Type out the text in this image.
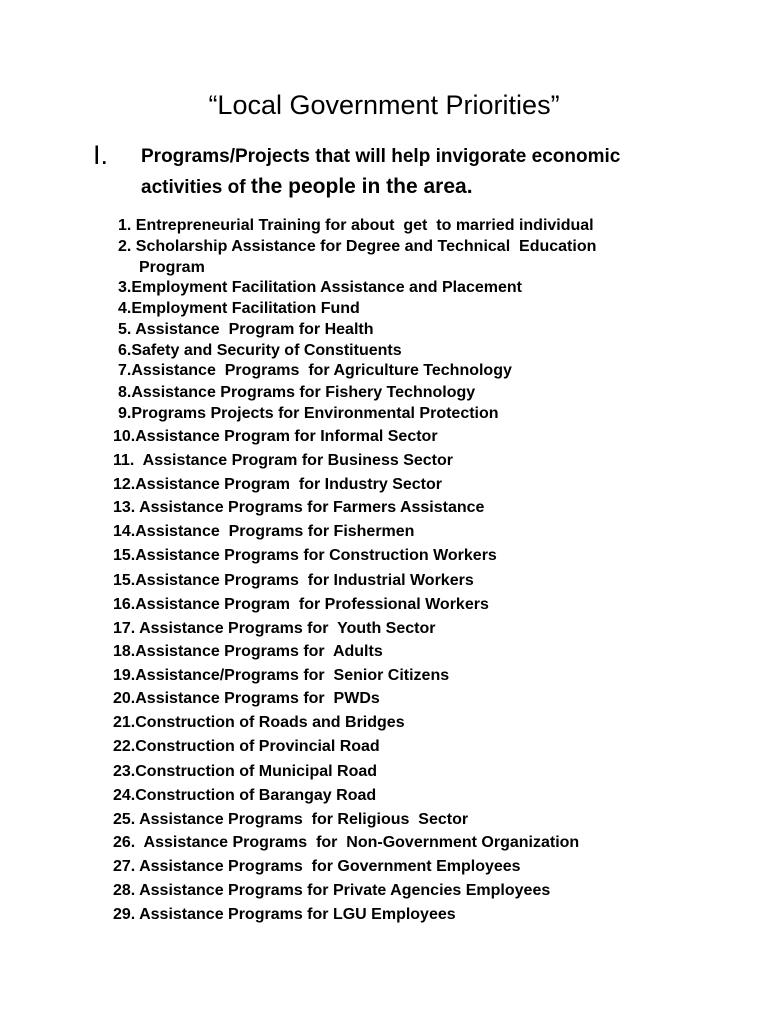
“Local Government Priorities”
I. Programs/Projects that will help invigorate economic
activities of the people in the area.
1. Entrepreneurial Training for about  get  to married individual
2. Scholarship Assistance for Degree and Technical  Education
Program
3.Employment Facilitation Assistance and Placement
4.Employment Facilitation Fund
5. Assistance  Program for Health
6.Safety and Security of Constituents
7.Assistance  Programs  for Agriculture Technology
8.Assistance Programs for Fishery Technology
9.Programs Projects for Environmental Protection
10.Assistance Program for Informal Sector
11.  Assistance Program for Business Sector
12.Assistance Program  for Industry Sector
13. Assistance Programs for Farmers Assistance
14.Assistance  Programs for Fishermen
15.Assistance Programs for Construction Workers
15.Assistance Programs  for Industrial Workers
16.Assistance Program  for Professional Workers
17. Assistance Programs for  Youth Sector
18.Assistance Programs for  Adults
19.Assistance/Programs for  Senior Citizens
20.Assistance Programs for  PWDs
21.Construction of Roads and Bridges
22.Construction of Provincial Road
23.Construction of Municipal Road
24.Construction of Barangay Road
25. Assistance Programs  for Religious  Sector
26.  Assistance Programs  for  Non-Government Organization
27. Assistance Programs  for Government Employees
28. Assistance Programs for Private Agencies Employees
29. Assistance Programs for LGU Employees
